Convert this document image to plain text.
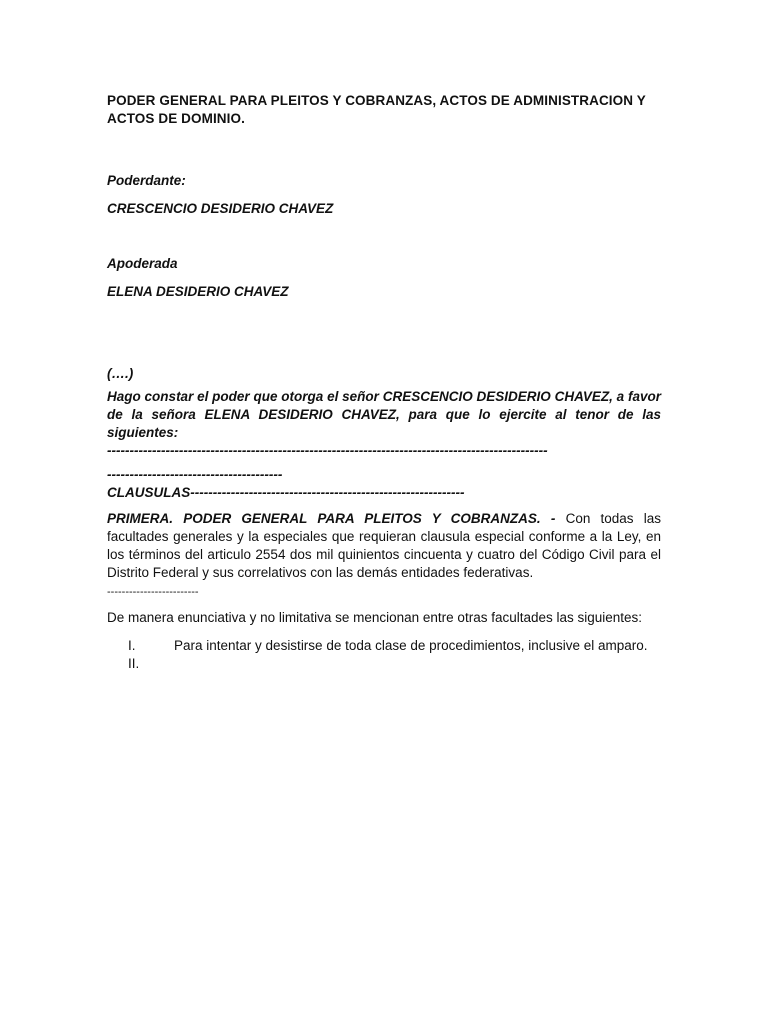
PODER GENERAL PARA PLEITOS Y COBRANZAS, ACTOS DE ADMINISTRACION Y ACTOS DE DOMINIO.

Poderdante:

CRESCENCIO DESIDERIO CHAVEZ

Apoderada

ELENA DESIDERIO CHAVEZ

(….)

Hago constar el poder que otorga el señor CRESCENCIO DESIDERIO CHAVEZ, a favor de la señora ELENA DESIDERIO CHAVEZ, para que lo ejercite al tenor de las siguientes:

--------------------------------------------------------------------------------------------------

---------------------------------------

CLAUSULAS-------------------------------------------------------------

PRIMERA. PODER GENERAL PARA PLEITOS Y COBRANZAS. - Con todas las facultades generales y la especiales que requieran clausula especial conforme a la Ley, en los términos del articulo 2554 dos mil quinientos cincuenta y cuatro del Código Civil para el Distrito Federal y sus correlativos con las demás entidades federativas.
-------------------------

De manera enunciativa y no limitativa se mencionan entre otras facultades las siguientes:

I.	Para intentar y desistirse de toda clase de procedimientos, inclusive el amparo.
II.
